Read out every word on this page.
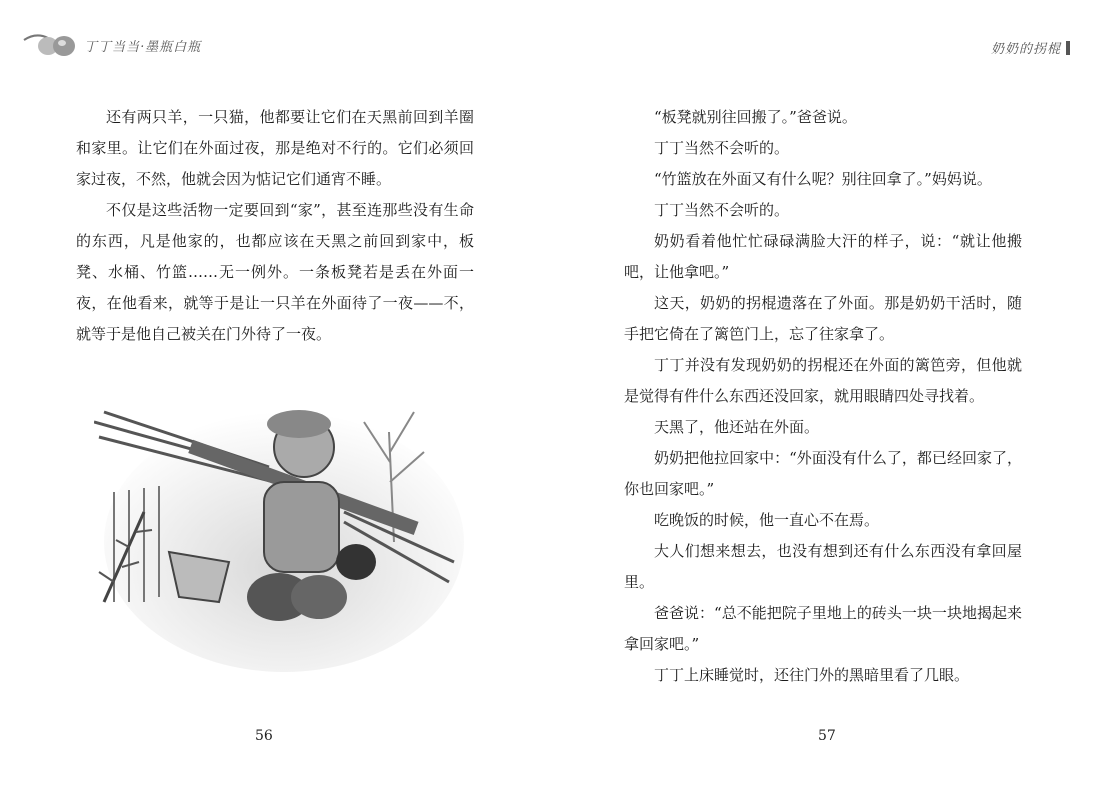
丁丁当当·墨瓶白瓶	奶奶的拐棍

还有两只羊，一只猫，他都要让它们在天黑前回到羊圈和家里。让它们在外面过夜，那是绝对不行的。它们必须回家过夜，不然，他就会因为惦记它们通宵不睡。

不仅是这些活物一定要回到“家”，甚至连那些没有生命的东西，凡是他家的，也都应该在天黑之前回到家中，板凳、水桶、竹篮……无一例外。一条板凳若是丢在外面一夜，在他看来，就等于是让一只羊在外面待了一夜——不，就等于是他自己被关在门外待了一夜。

“板凳就别往回搬了。”爸爸说。

丁丁当然不会听的。

“竹篮放在外面又有什么呢？别往回拿了。”妈妈说。

丁丁当然不会听的。

奶奶看着他忙忙碌碌满脸大汗的样子，说：“就让他搬吧，让他拿吧。”

这天，奶奶的拐棍遗落在了外面。那是奶奶干活时，随手把它倚在了篱笆门上，忘了往家拿了。

丁丁并没有发现奶奶的拐棍还在外面的篱笆旁，但他就是觉得有件什么东西还没回家，就用眼睛四处寻找着。

天黑了，他还站在外面。

奶奶把他拉回家中：“外面没有什么了，都已经回家了，你也回家吧。”

吃晚饭的时候，他一直心不在焉。

大人们想来想去，也没有想到还有什么东西没有拿回屋里。

爸爸说：“总不能把院子里地上的砖头一块一块地揭起来拿回家吧。”

丁丁上床睡觉时，还往门外的黑暗里看了几眼。

56	57
